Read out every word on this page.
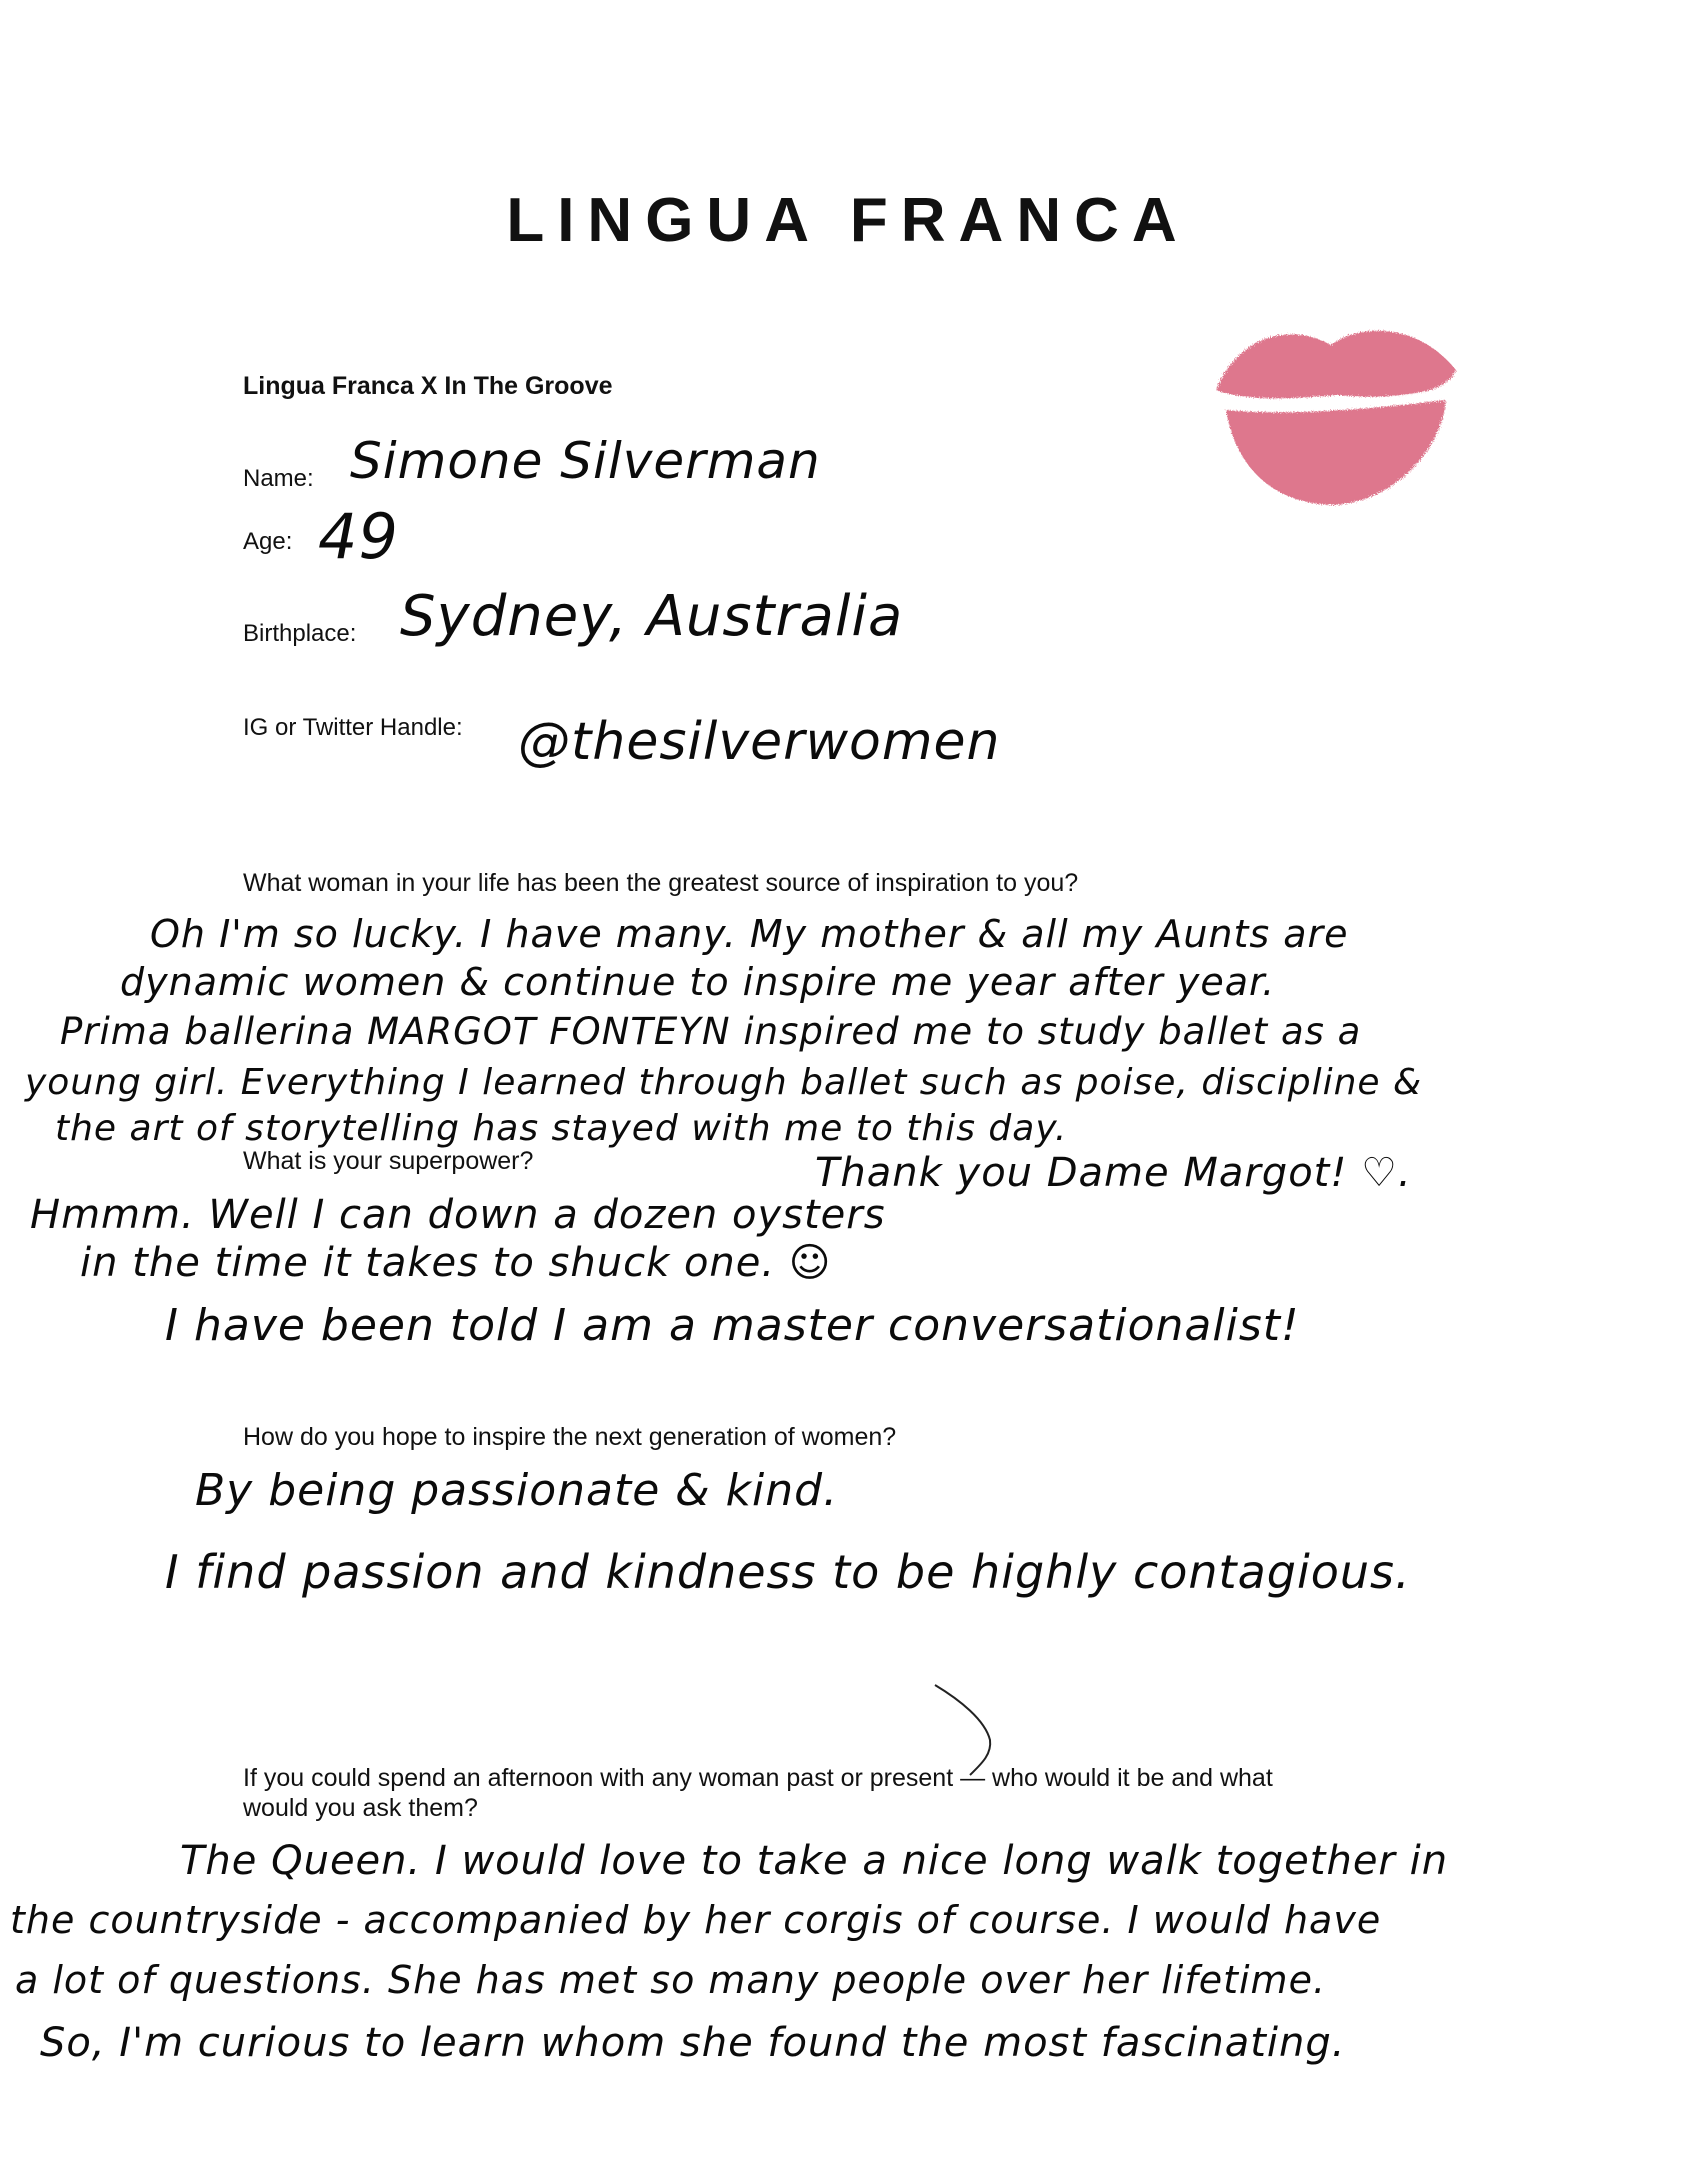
LINGUA FRANCA
Lingua Franca X In The Groove
Name: Simone Silverman
Age: 49
Birthplace: Sydney, Australia
IG or Twitter Handle: @thesilverwomen
What woman in your life has been the greatest source of inspiration to you?
Oh I'm so lucky. I have many. My mother & all my Aunts are
dynamic women & continue to inspire me year after year.
Prima ballerina MARGOT FONTEYN inspired me to study ballet as a
young girl. Everything I learned through ballet such as poise, discipline &
the art of storytelling has stayed with me to this day.
Thank you Dame Margot! ♡.
What is your superpower?
Hmmm. Well I can down a dozen oysters
in the time it takes to shuck one. ☺
I have been told I am a master conversationalist!
How do you hope to inspire the next generation of women?
By being passionate & kind.
I find passion and kindness to be highly contagious.
If you could spend an afternoon with any woman past or present — who would it be and what
would you ask them?
The Queen. I would love to take a nice long walk together in
the countryside - accompanied by her corgis of course. I would have
a lot of questions. She has met so many people over her lifetime.
So, I'm curious to learn whom she found the most fascinating.
